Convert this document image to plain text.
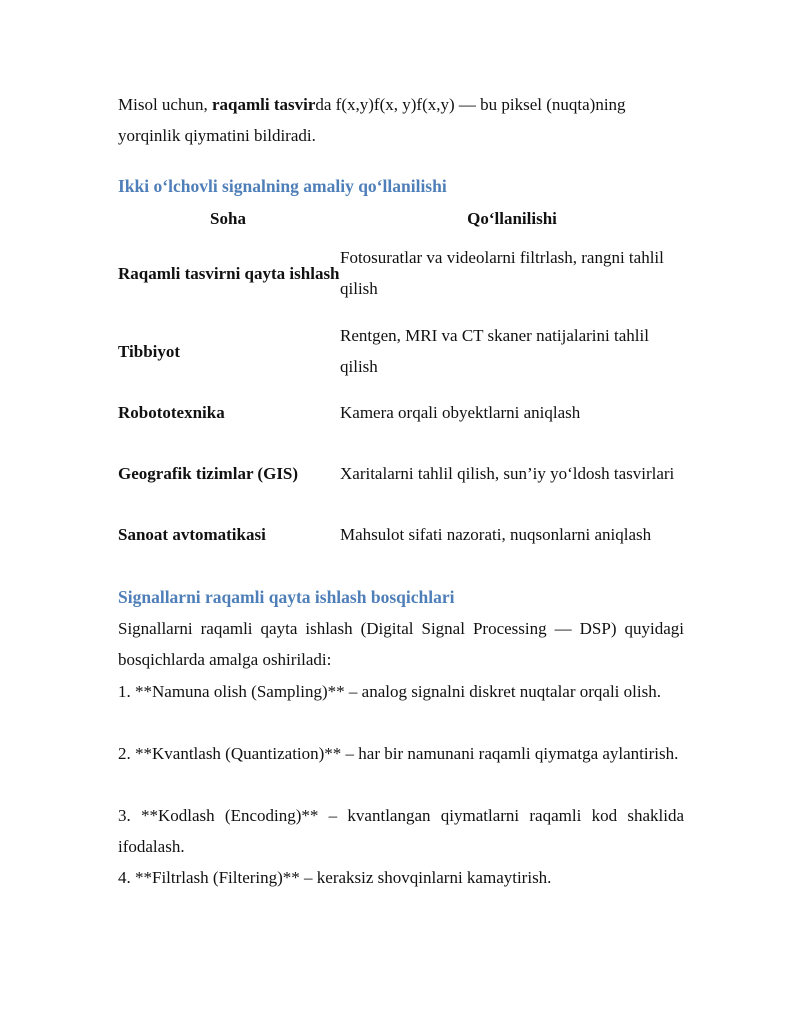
Misol uchun, raqamli tasvirda f(x,y)f(x, y)f(x,y) — bu piksel (nuqta)ning
yorqinlik qiymatini bildiradi.

Ikki o‘lchovli signalning amaliy qo‘llanilishi
Soha	Qo‘llanilishi
Raqamli tasvirni qayta ishlash	Fotosuratlar va videolarni filtrlash, rangni tahlil qilish
Tibbiyot	Rentgen, MRI va CT skaner natijalarini tahlil qilish
Robototexnika	Kamera orqali obyektlarni aniqlash
Geografik tizimlar (GIS)	Xaritalarni tahlil qilish, sun’iy yo‘ldosh tasvirlari
Sanoat avtomatikasi	Mahsulot sifati nazorati, nuqsonlarni aniqlash
Signallarni raqamli qayta ishlash bosqichlari

Signallarni raqamli qayta ishlash (Digital Signal Processing — DSP) quyidagi bosqichlarda amalga oshiriladi:

1. **Namuna olish (Sampling)** – analog signalni diskret nuqtalar orqali olish.

2. **Kvantlash (Quantization)** – har bir namunani raqamli qiymatga aylantirish.

3. **Kodlash (Encoding)** – kvantlangan qiymatlarni raqamli kod shaklida ifodalash.

4. **Filtrlash (Filtering)** – keraksiz shovqinlarni kamaytirish.
